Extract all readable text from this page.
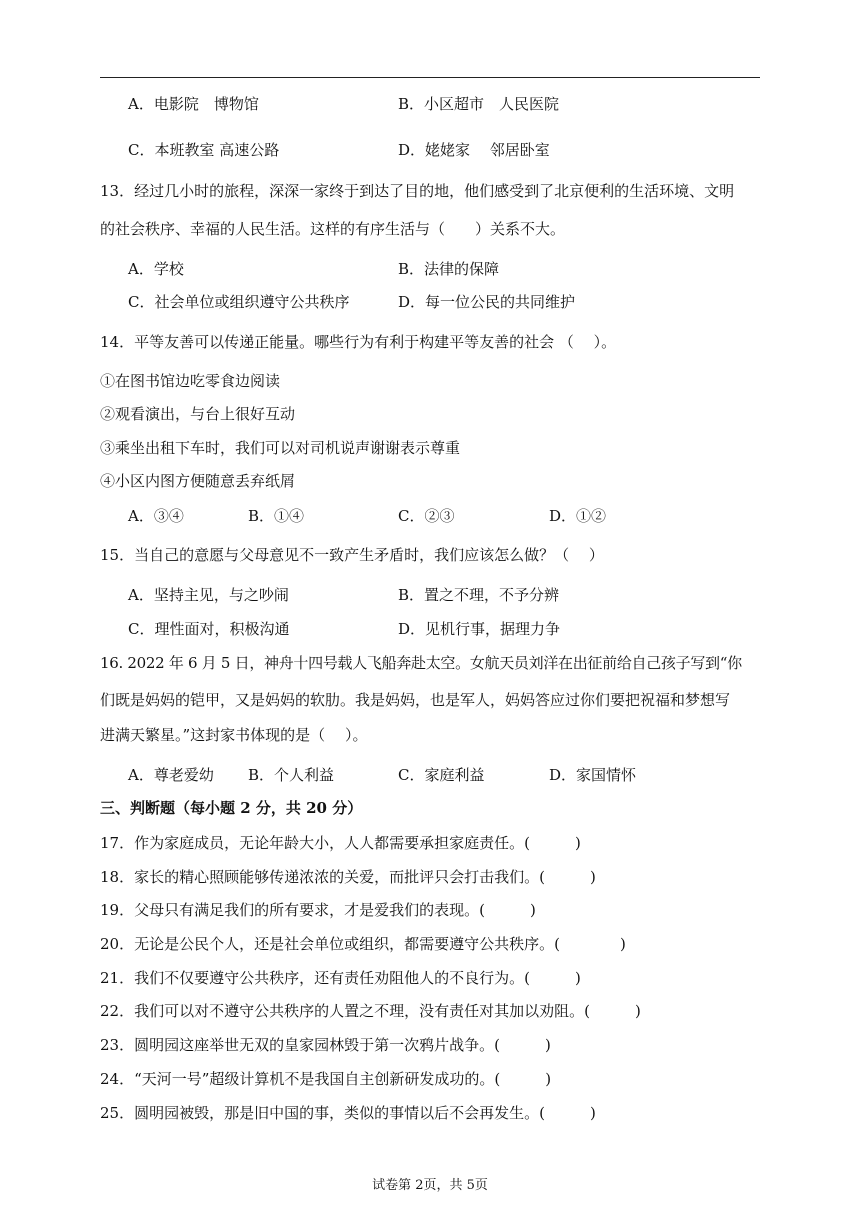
A．电影院　博物馆	B．小区超市　人民医院
C．本班教室 高速公路	D．姥姥家　 邻居卧室
13．经过几小时的旅程，深深一家终于到达了目的地，他们感受到了北京便利的生活环境、文明
的社会秩序、幸福的人民生活。这样的有序生活与（　　）关系不大。
A．学校	B．法律的保障
C．社会单位或组织遵守公共秩序	D．每一位公民的共同维护
14．平等友善可以传递正能量。哪些行为有利于构建平等友善的社会 （　 ）。
①在图书馆边吃零食边阅读
②观看演出，与台上很好互动
③乘坐出租下车时，我们可以对司机说声谢谢表示尊重
④小区内图方便随意丢弃纸屑
A．③④	B．①④	C．②③	D．①②
15．当自己的意愿与父母意见不一致产生矛盾时，我们应该怎么做？（　 ）
A．坚持主见，与之吵闹	B．置之不理，不予分辨
C．理性面对，积极沟通	D．见机行事，据理力争
16. 2022 年 6 月 5 日，神舟十四号载人飞船奔赴太空。女航天员刘洋在出征前给自己孩子写到“你
们既是妈妈的铠甲，又是妈妈的软肋。我是妈妈，也是军人，妈妈答应过你们要把祝福和梦想写
进满天繁星。”这封家书体现的是（　 ）。
A．尊老爱幼 B．个人利益	C．家庭利益	D．家国情怀
三、判断题（每小题 2 分，共 20 分）
17．作为家庭成员，无论年龄大小，人人都需要承担家庭责任。(　　　)
18．家长的精心照顾能够传递浓浓的关爱，而批评只会打击我们。(　　　)
19．父母只有满足我们的所有要求，才是爱我们的表现。(　　　)
20．无论是公民个人，还是社会单位或组织，都需要遵守公共秩序。(　　　　)
21．我们不仅要遵守公共秩序，还有责任劝阻他人的不良行为。(　　　)
22．我们可以对不遵守公共秩序的人置之不理，没有责任对其加以劝阻。(　　　)
23．圆明园这座举世无双的皇家园林毁于第一次鸦片战争。(　　　)
24．“天河一号”超级计算机不是我国自主创新研发成功的。(　　　)
25．圆明园被毁，那是旧中国的事，类似的事情以后不会再发生。(　　　)
试卷第 2页，共 5页
